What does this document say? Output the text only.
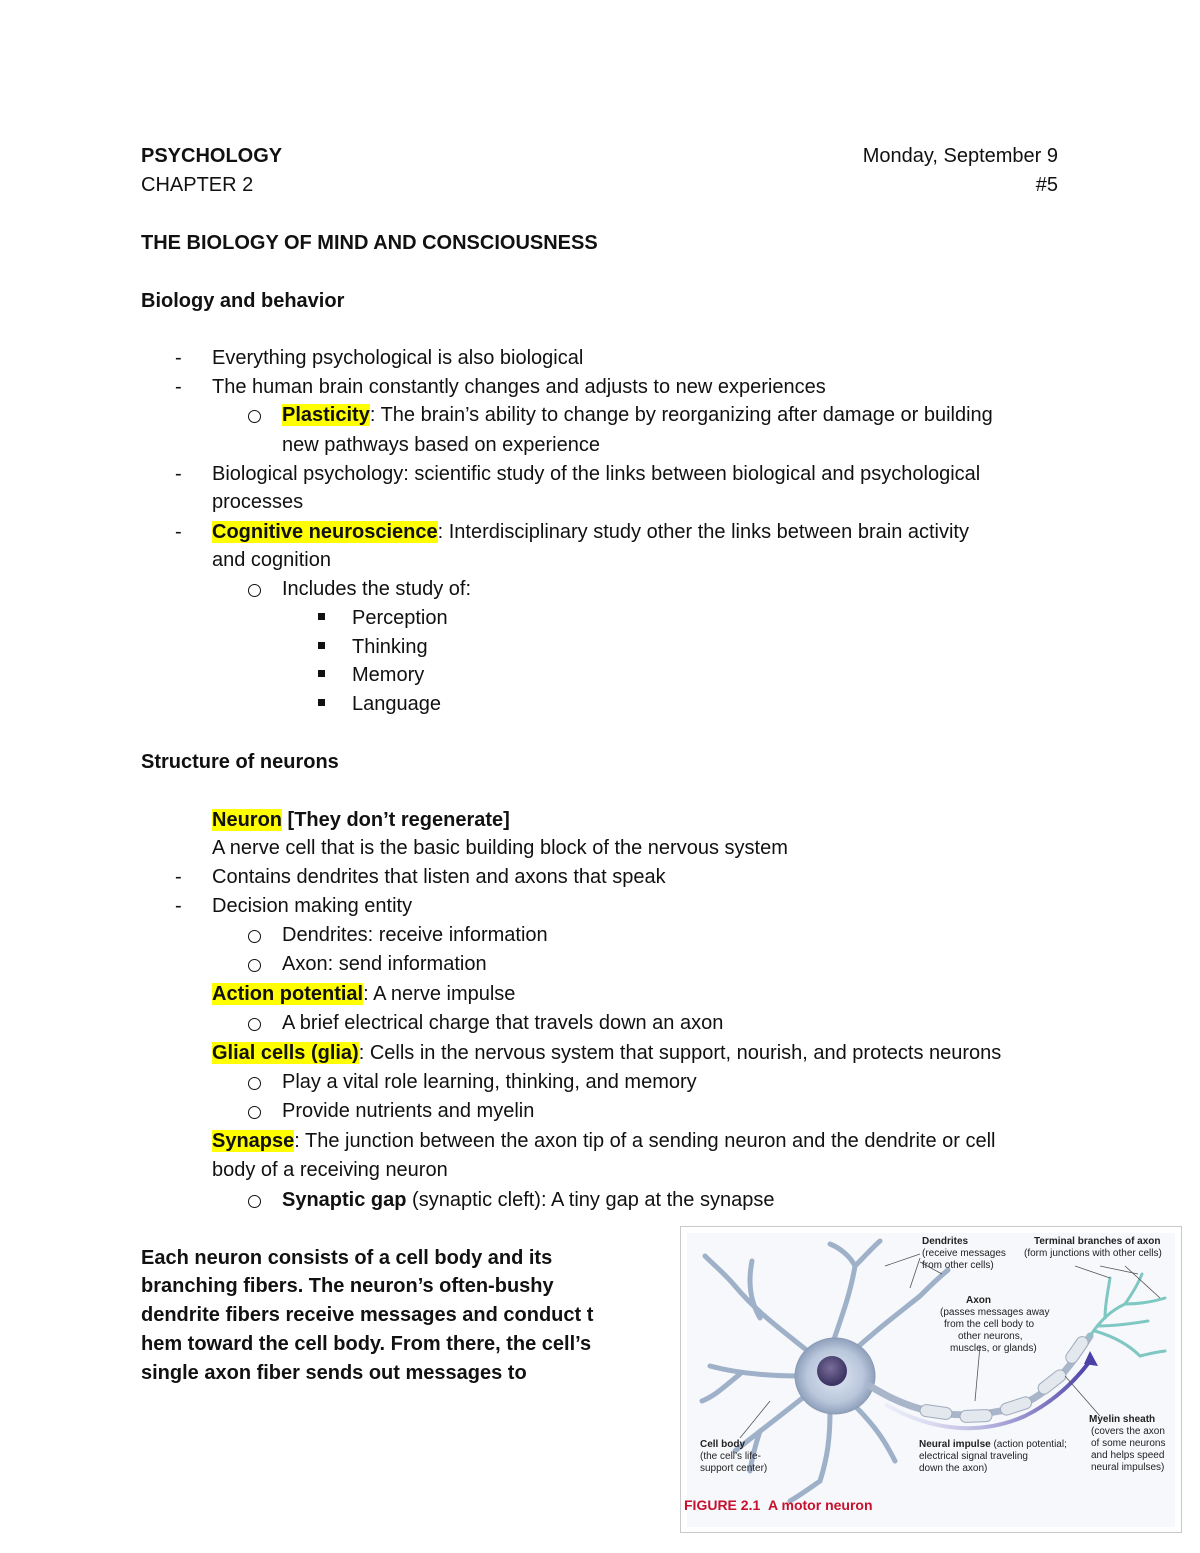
PSYCHOLOGY	Monday, September 9
CHAPTER 2	#5
THE BIOLOGY OF MIND AND CONSCIOUSNESS
Biology and behavior
- Everything psychological is also biological
- The human brain constantly changes and adjusts to new experiences
Plasticity: The brain’s ability to change by reorganizing after damage or building
new pathways based on experience
- Biological psychology: scientific study of the links between biological and psychological
processes
- Cognitive neuroscience: Interdisciplinary study other the links between brain activity
and cognition
Includes the study of:
Perception
Thinking
Memory
Language
Structure of neurons
Neuron [They don’t regenerate]
A nerve cell that is the basic building block of the nervous system
- Contains dendrites that listen and axons that speak
- Decision making entity
Dendrites: receive information
Axon: send information
Action potential: A nerve impulse
A brief electrical charge that travels down an axon
Glial cells (glia): Cells in the nervous system that support, nourish, and protects neurons
Play a vital role learning, thinking, and memory
Provide nutrients and myelin
Synapse: The junction between the axon tip of a sending neuron and the dendrite or cell
body of a receiving neuron
Synaptic gap (synaptic cleft): A tiny gap at the synapse
Each neuron consists of a cell body and its
branching fibers. The neuron’s often-bushy
dendrite fibers receive messages and conduct t
hem toward the cell body. From there, the cell’s
single axon fiber sends out messages to
Dendrites
(receive messages
from other cells)
Terminal branches of axon
(form junctions with other cells)
Axon
(passes messages away
from the cell body to
other neurons,
muscles, or glands)
Myelin sheath
(covers the axon
of some neurons
and helps speed
neural impulses)
Cell body
(the cell’s life-
support center)
Neural impulse (action potential;
electrical signal traveling
down the axon)
FIGURE 2.1 A motor neuron
